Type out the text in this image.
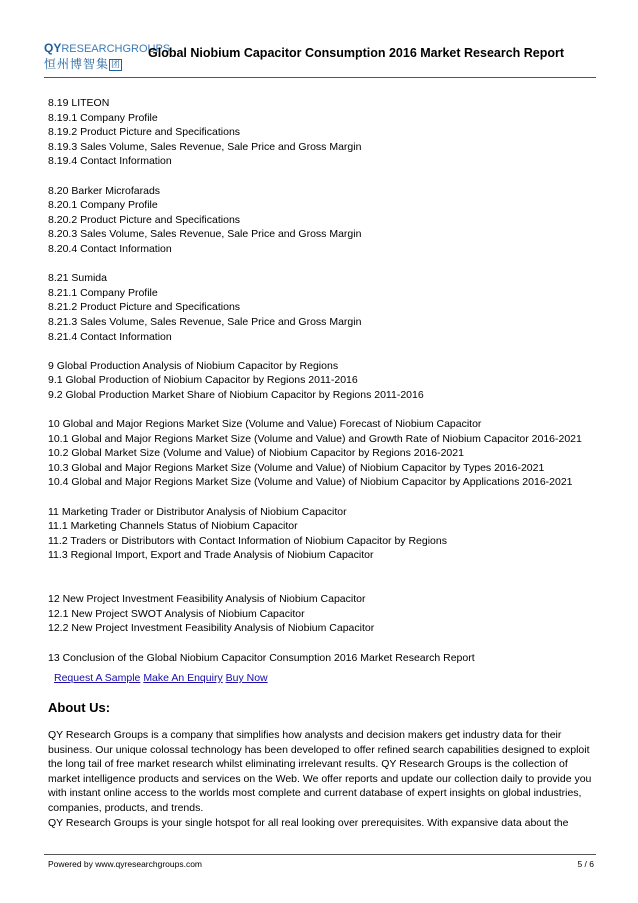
QYRESEARCHGROUPS
恒州博智集 团
Global Niobium Capacitor Consumption 2016 Market Research Report
8.19 LITEON
8.19.1 Company Profile
8.19.2 Product Picture and Specifications
8.19.3 Sales Volume, Sales Revenue, Sale Price and Gross Margin
8.19.4 Contact Information
8.20 Barker Microfarads
8.20.1 Company Profile
8.20.2 Product Picture and Specifications
8.20.3 Sales Volume, Sales Revenue, Sale Price and Gross Margin
8.20.4 Contact Information
8.21 Sumida
8.21.1 Company Profile
8.21.2 Product Picture and Specifications
8.21.3 Sales Volume, Sales Revenue, Sale Price and Gross Margin
8.21.4 Contact Information
9 Global Production Analysis of Niobium Capacitor by Regions
9.1 Global Production of Niobium Capacitor by Regions 2011-2016
9.2 Global Production Market Share of Niobium Capacitor by Regions 2011-2016
10 Global and Major Regions Market Size (Volume and Value) Forecast of Niobium Capacitor
10.1 Global and Major Regions Market Size (Volume and Value) and Growth Rate of Niobium Capacitor 2016-2021
10.2 Global Market Size (Volume and Value) of Niobium Capacitor by Regions 2016-2021
10.3 Global and Major Regions Market Size (Volume and Value) of Niobium Capacitor by Types 2016-2021
10.4 Global and Major Regions Market Size (Volume and Value) of Niobium Capacitor by Applications 2016-2021
11 Marketing Trader or Distributor Analysis of Niobium Capacitor
11.1 Marketing Channels Status of Niobium Capacitor
11.2 Traders or Distributors with Contact Information of Niobium Capacitor by Regions
11.3 Regional Import, Export and Trade Analysis of Niobium Capacitor
12 New Project Investment Feasibility Analysis of Niobium Capacitor
12.1 New Project SWOT Analysis of Niobium Capacitor
12.2 New Project Investment Feasibility Analysis of Niobium Capacitor
13 Conclusion of the Global Niobium Capacitor Consumption 2016 Market Research Report
Request A Sample Make An Enquiry Buy Now
About Us:

QY Research Groups is a company that simplifies how analysts and decision makers get industry data for their business. Our unique colossal technology has been developed to offer refined search capabilities designed to exploit the long tail of free market research whilst eliminating irrelevant results. QY Research Groups is the collection of market intelligence products and services on the Web. We offer reports and update our collection daily to provide you with instant online access to the worlds most complete and current database of expert insights on global industries, companies, products, and trends.

QY Research Groups is your single hotspot for all real looking over prerequisites. With expansive data about the

Powered by www.qyresearchgroups.com	5 / 6
